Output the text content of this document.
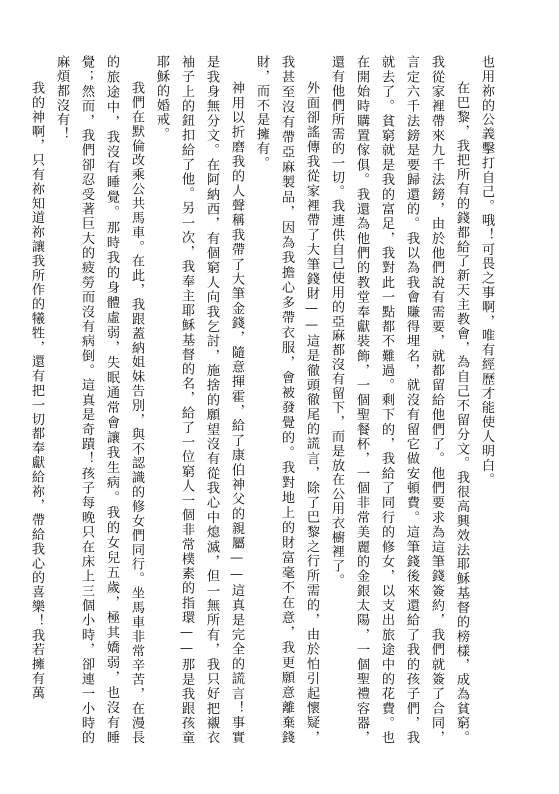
也用祢的公義擊打自己。哦！可畏之事啊，唯有經歷才能使人明白。

在巴黎，我把所有的錢都給了新天主教會，為自己不留分文。我很高興效法耶穌基督的榜樣，成為貧窮。我從家裡帶來九千法鎊，由於他們說有需要，就都留給他們了。他們要求為這筆錢簽約，我們就簽了合同，言定六千法鎊是要歸還的。我以為我會賺得埋名，就沒有留它做安頓費。這筆錢後來還給了我的孩子們，我就去了。貧窮就是我的富足，我對此一點都不難過。剩下的，我給了同行的修女，以支出旅途中的花費。也在開始時購置傢俱。我還為他們的教堂奉獻裝飾，一個聖餐杯，一個非常美麗的金銀太陽，一個聖禮容器，還有他們所需的一切。我連供自己使用的亞麻都沒有留下，而是放在公用衣櫥裡了。

外面卻謠傳我從家裡帶了大筆錢財——這是徹頭徹尾的謊言，除了巴黎之行所需的，由於怕引起懷疑，我甚至沒有帶亞麻製品，因為我擔心多帶衣服，會被發覺的。我對地上的財富毫不在意，我更願意離棄錢財，而不是擁有。

神用以折磨我的人聲稱我帶了大筆金錢，隨意揮霍，給了康伯神父的親屬——這真是完全的謊言！事實是我身無分文。在阿納西，有個窮人向我乞討，施捨的願望沒有從我心中熄滅，但一無所有，我只好把襯衣袖子上的鈕扣給了他。另一次，我奉主耶穌基督的名，給了一位窮人一個非常樸素的指環——那是我跟孩童耶穌的婚戒。

我們在默倫改乘公共馬車。在此，我跟蓋納姐妹告別，與不認識的修女們同行。坐馬車非常辛苦，在漫長的旅途中，我沒有睡覺。那時我的身體虛弱，失眠通常會讓我生病。我的女兒五歲，極其嬌弱，也沒有睡覺；然而，我們卻忍受著巨大的疲勞而沒有病倒。這真是奇蹟！孩子每晚只在床上三個小時，卻連一小時的麻煩都沒有！

我的神啊，只有祢知道祢讓我所作的犧牲，還有把一切都奉獻給祢，帶給我心的喜樂！我若擁有萬
